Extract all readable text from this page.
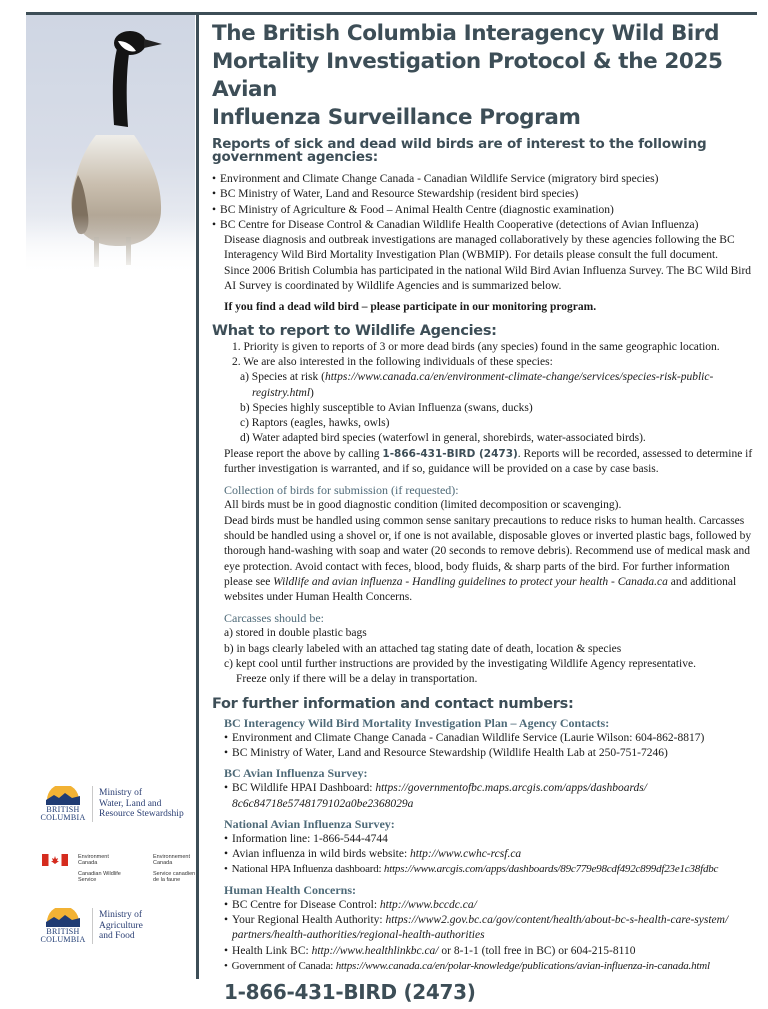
The British Columbia Interagency Wild Bird
Mortality Investigation Protocol & the 2025 Avian
Influenza Surveillance Program
Reports of sick and dead wild birds are of interest to the following government agencies:
• Environment and Climate Change Canada - Canadian Wildlife Service (migratory bird species)
• BC Ministry of Water, Land and Resource Stewardship (resident bird species)
• BC Ministry of Agriculture & Food – Animal Health Centre (diagnostic examination)
• BC Centre for Disease Control & Canadian Wildlife Health Cooperative (detections of Avian Influenza)

Disease diagnosis and outbreak investigations are managed collaboratively by these agencies following the BC Interagency Wild Bird Mortality Investigation Plan (WBMIP). For details please consult the full document.

Since 2006 British Columbia has participated in the national Wild Bird Avian Influenza Survey. The BC Wild Bird AI Survey is coordinated by Wildlife Agencies and is summarized below.

If you find a dead wild bird – please participate in our monitoring program.

What to report to Wildlife Agencies:

1. Priority is given to reports of 3 or more dead birds (any species) found in the same geographic location.

2. We are also interested in the following individuals of these species:

a) Species at risk (https://www.canada.ca/en/environment-climate-change/services/species-risk-public-registry.html)

b) Species highly susceptible to Avian Influenza (swans, ducks)

c) Raptors (eagles, hawks, owls)

d) Water adapted bird species (waterfowl in general, shorebirds, water-associated birds).

Please report the above by calling 1-866-431-BIRD (2473). Reports will be recorded, assessed to determine if further investigation is warranted, and if so, guidance will be provided on a case by case basis.

Collection of birds for submission (if requested):

All birds must be in good diagnostic condition (limited decomposition or scavenging).

Dead birds must be handled using common sense sanitary precautions to reduce risks to human health. Carcasses should be handled using a shovel or, if one is not available, disposable gloves or inverted plastic bags, followed by thorough hand-washing with soap and water (20 seconds to remove debris). Recommend use of medical mask and eye protection. Avoid contact with feces, blood, body fluids, & sharp parts of the bird. For further information please see Wildlife and avian influenza - Handling guidelines to protect your health - Canada.ca and additional websites under Human Health Concerns.

Carcasses should be:

a) stored in double plastic bags

b) in bags clearly labeled with an attached tag stating date of death, location & species

c) kept cool until further instructions are provided by the investigating Wildlife Agency representative.

Freeze only if there will be a delay in transportation.

For further information and contact numbers:
BC Interagency Wild Bird Mortality Investigation Plan – Agency Contacts:
• Environment and Climate Change Canada - Canadian Wildlife Service (Laurie Wilson: 604-862-8817)
• BC Ministry of Water, Land and Resource Stewardship (Wildlife Health Lab at 250-751-7246)
BC Avian Influenza Survey:
• BC Wildlife HPAI Dashboard: https://governmentofbc.maps.arcgis.com/apps/dashboards/

8c6c84718e5748179102a0be2368029a

National Avian Influenza Survey:
• Information line: 1-866-544-4744
• Avian influenza in wild birds website: http://www.cwhc-rcsf.ca
• National HPA Influenza dashboard: https://www.arcgis.com/apps/dashboards/89c779e98cdf492c899df23e1c38fdbc
Human Health Concerns:
• BC Centre for Disease Control: http://www.bccdc.ca/
• Your Regional Health Authority: https://www2.gov.bc.ca/gov/content/health/about-bc-s-health-care-system/

partners/health-authorities/regional-health-authorities

• Health Link BC: http://www.healthlinkbc.ca/ or 8-1-1 (toll free in BC) or 604-215-8110
• Government of Canada: https://www.canada.ca/en/polar-knowledge/publications/avian-influenza-in-canada.html
1-866-431-BIRD (2473)
BRITISH
COLUMBIA
Ministry of
Water, Land and
Resource Stewardship
Environment
Canada
Environnement
Canada
Canadian Wildlife
Service
Service canadien
de la faune
BRITISH
COLUMBIA
Ministry of
Agriculture
and Food
